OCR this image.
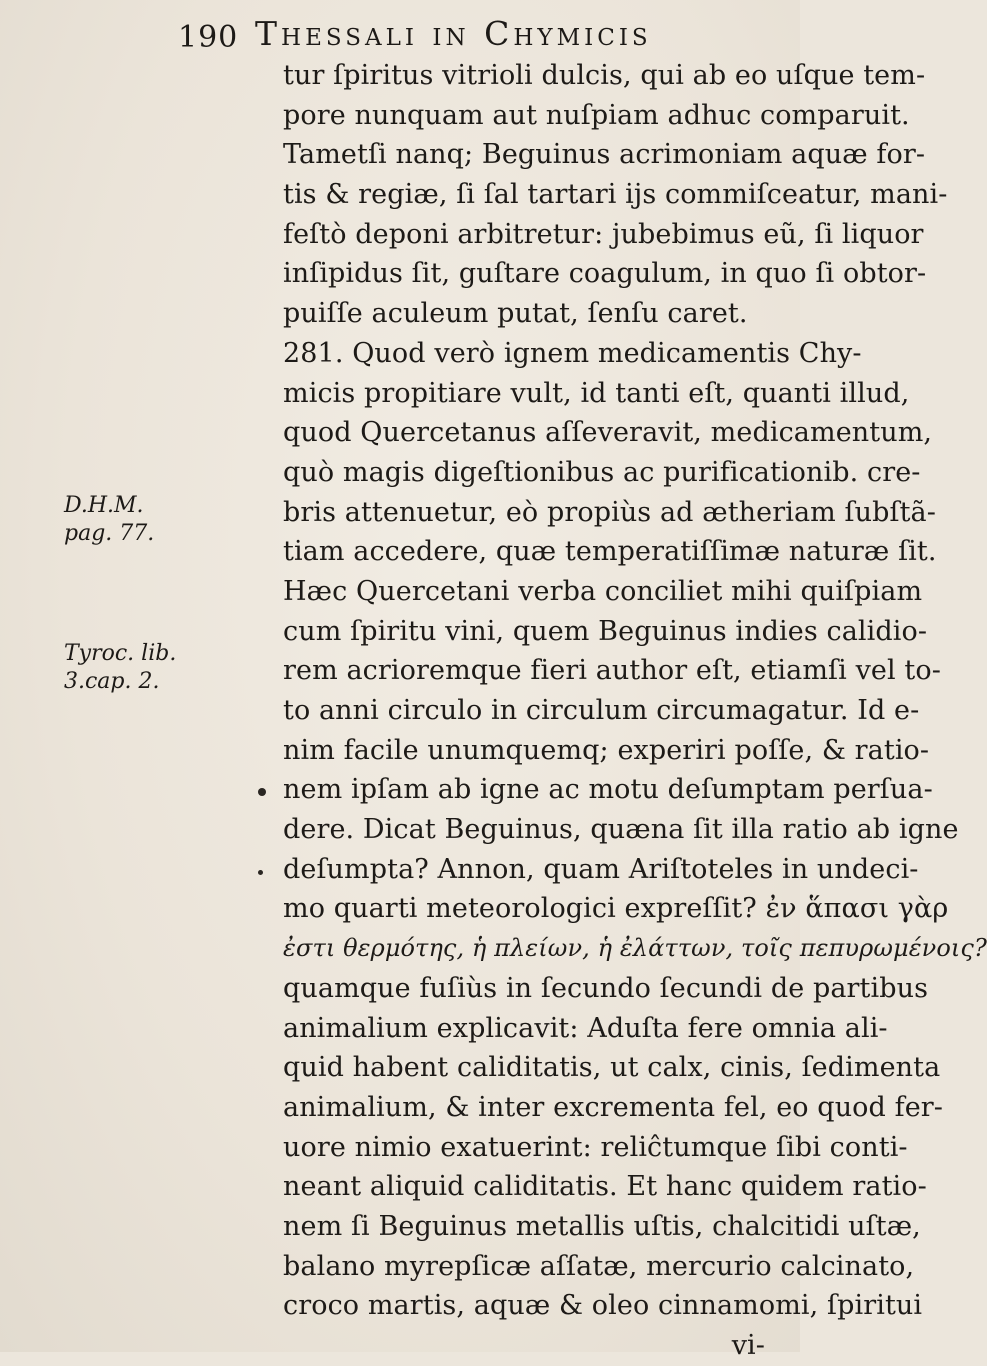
190 Thessali in Chymicis
D.H.M.
pag. 77.
Tyroc. lib.
3.cap. 2.
tur ſpiritus vitrioli dulcis, qui ab eo uſque tem-
pore nunquam aut nuſpiam adhuc comparuit.
Tametſi nanq; Beguinus acrimoniam aquæ for-
tis & regiæ, ſi ſal tartari ijs commiſceatur, mani-
feſtò deponi arbitretur: jubebimus eũ, ſi liquor
inſipidus ſit, guſtare coagulum, in quo ſi obtor-
puiſſe aculeum putat, ſenſu caret.
281. Quod verò ignem medicamentis Chy-
micis propitiare vult, id tanti eſt, quanti illud,
quod Quercetanus aſſeveravit, medicamentum,
quò magis digeſtionibus ac purificationib. cre-
bris attenuetur, eò propiùs ad ætheriam ſubſtã-
tiam accedere, quæ temperatiſſimæ naturæ ſit.
Hæc Quercetani verba conciliet mihi quiſpiam
cum ſpiritu vini, quem Beguinus indies calidio-
rem acrioremque fieri author eſt, etiamſi vel to-
to anni circulo in circulum circumagatur. Id e-
nim facile unumquemq; experiri poſſe, & ratio-
nem ipſam ab igne ac motu deſumptam perſua-
dere. Dicat Beguinus, quæna ſit illa ratio ab igne
deſumpta? Annon, quam Ariſtoteles in undeci-
mo quarti meteorologici expreſſit? ἐν ἅπασι γὰρ
ἐστι θερμότης, ἡ πλείων, ἡ ἐλάττων, τοῖς πεπυρωμένοις?
quamque fuſiùs in ſecundo ſecundi de partibus
animalium explicavit: Aduſta fere omnia ali-
quid habent caliditatis, ut calx, cinis, ſedimenta
animalium, & inter excrementa fel, eo quod fer-
uore nimio exatuerint: reliĉtumque ſibi conti-
neant aliquid caliditatis. Et hanc quidem ratio-
nem ſi Beguinus metallis uſtis, chalcitidi uſtæ,
balano myrepſicæ aſſatæ, mercurio calcinato,
croco martis, aquæ & oleo cinnamomi, ſpiritui
vi-
